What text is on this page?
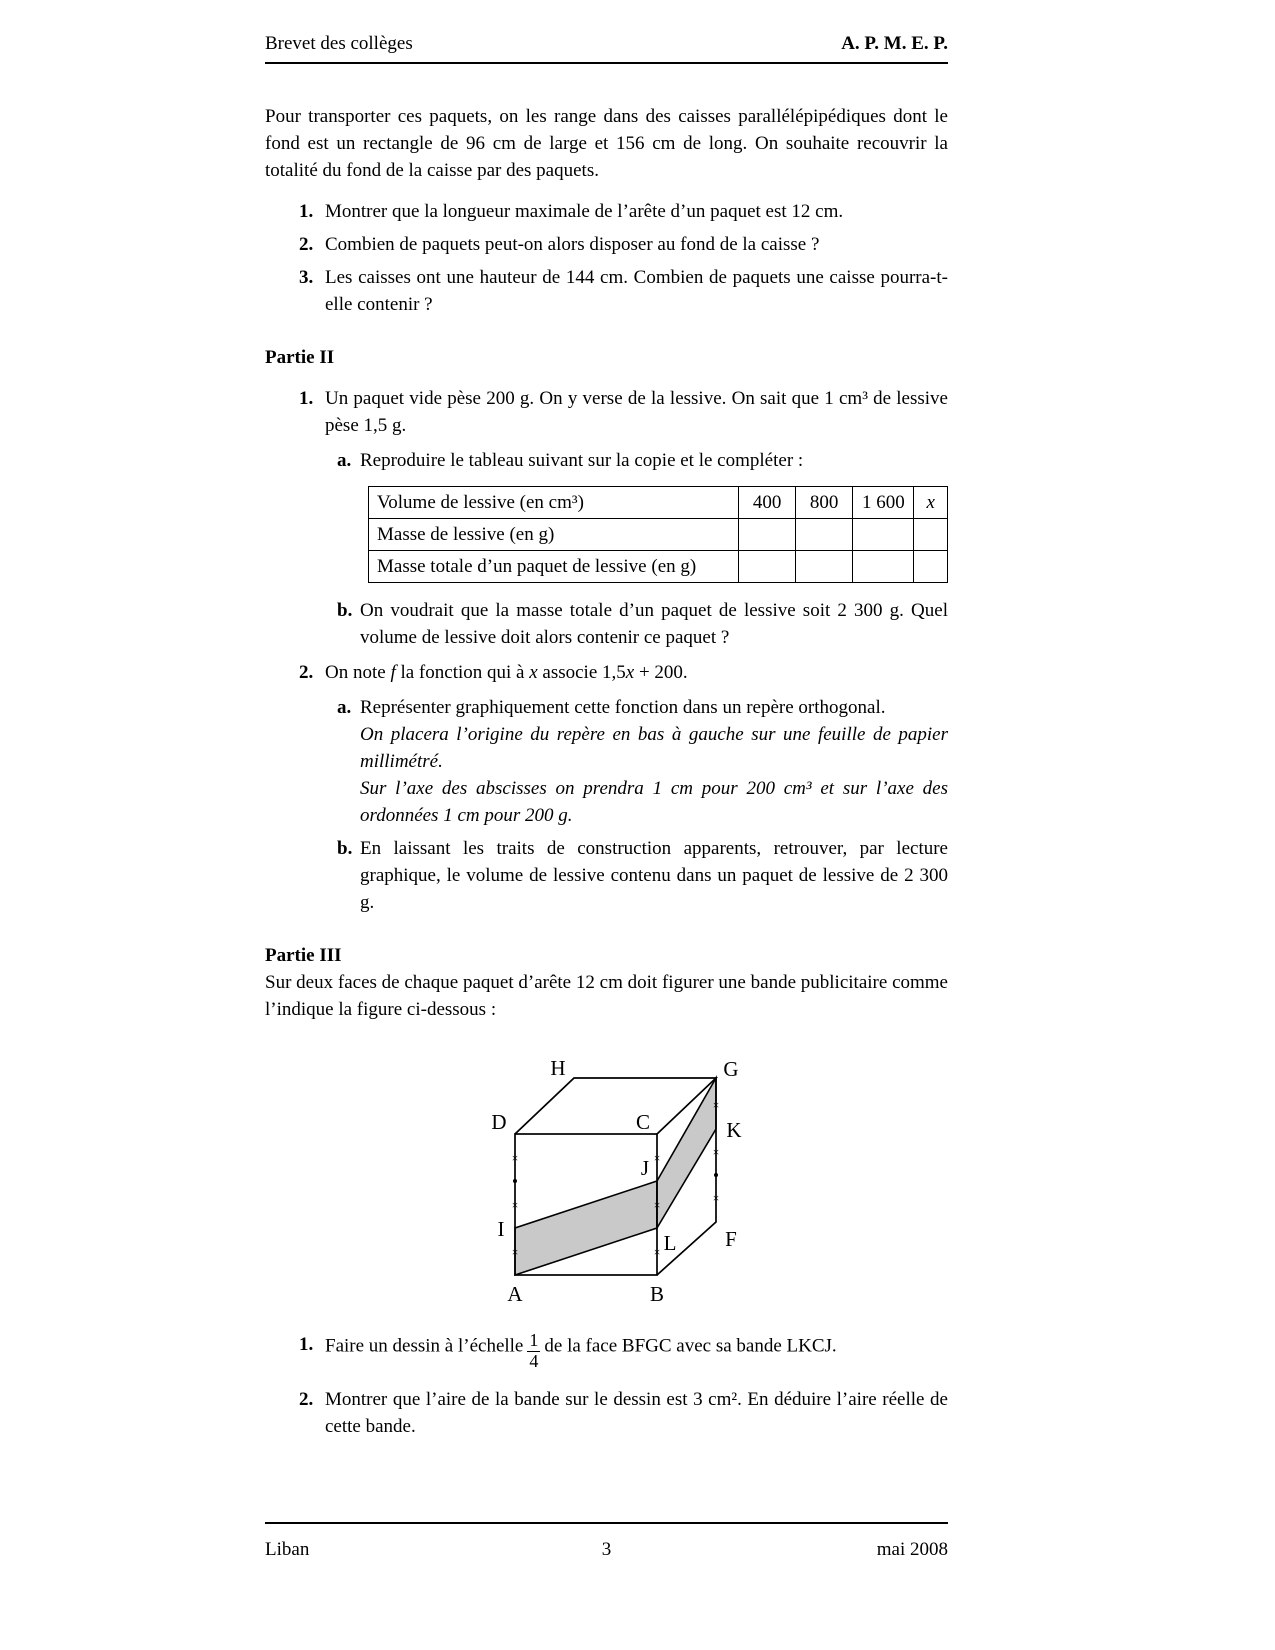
Brevet des collèges	A. P. M. E. P.

Pour transporter ces paquets, on les range dans des caisses parallélépipédiques dont le fond est un rectangle de 96 cm de large et 156 cm de long. On souhaite recouvrir la totalité du fond de la caisse par des paquets.

1. Montrer que la longueur maximale de l’arête d’un paquet est 12 cm.
2. Combien de paquets peut-on alors disposer au fond de la caisse ?
3. Les caisses ont une hauteur de 144 cm. Combien de paquets une caisse pourra-t-elle contenir ?
Partie II
1. Un paquet vide pèse 200 g. On y verse de la lessive. On sait que 1 cm³ de lessive pèse 1,5 g.
a. Reproduire le tableau suivant sur la copie et le compléter :
Volume de lessive (en cm³)	400	800	1 600	x
Masse de lessive (en g)				
Masse totale d’un paquet de lessive (en g)				
b. On voudrait que la masse totale d’un paquet de lessive soit 2 300 g. Quel volume de lessive doit alors contenir ce paquet ?
2. On note f la fonction qui à x associe 1,5x + 200.
a. Représenter graphiquement cette fonction dans un repère orthogonal.

On placera l’origine du repère en bas à gauche sur une feuille de papier millimétré.

Sur l’axe des abscisses on prendra 1 cm pour 200 cm³ et sur l’axe des ordonnées 1 cm pour 200 g.

b. En laissant les traits de construction apparents, retrouver, par lecture graphique, le volume de lessive contenu dans un paquet de lessive de 2 300 g.
Partie III

Sur deux faces de chaque paquet d’arête 12 cm doit figurer une bande publicitaire comme l’indique la figure ci-dessous :

×
×
×
×
×
×
×
×
×
H	G
D	C	K
J
I
L F
A	B
1. Faire un dessin à l’échelle $\frac{1}{4}$ de la face BFGC avec sa bande LKCJ.
2. Montrer que l’aire de la bande sur le dessin est 3 cm². En déduire l’aire réelle de cette bande.
Liban	3	mai 2008
